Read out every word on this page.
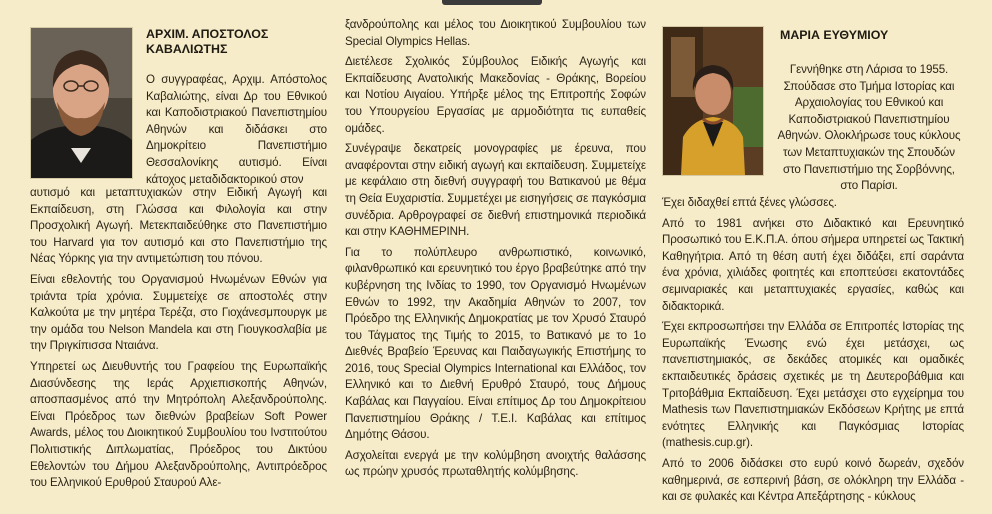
ΑΡΧΙΜ. ΑΠΟΣΤΟΛΟΣ ΚΑΒΑΛΙΩΤΗΣ

Ο συγγραφέας, Αρχιμ. Απόστολος Καβαλιώτης, είναι Δρ του Εθνικού και Καποδιστριακού Πανεπιστημίου Αθηνών και διδάσκει στο Δημοκρίτειο Πανεπιστήμιο Θεσσαλονίκης αυτισμό. Είναι κάτοχος μεταδιδακτορικού στον

αυτισμό και μεταπτυχιακών στην Ειδική Αγωγή και Εκπαίδευση, στη Γλώσσα και Φιλολογία και στην Προσχολική Αγωγή. Μετεκπαιδεύθηκε στο Πανεπιστήμιο του Harvard για τον αυτισμό και στο Πανεπιστήμιο της Νέας Υόρκης για την αντιμετώπιση του πόνου.

Είναι εθελοντής του Οργανισμού Ηνωμένων Εθνών για τριάντα τρία χρόνια. Συμμετείχε σε αποστολές στην Καλκούτα με την μητέρα Τερέζα, στο Γιοχάνεσμπουργκ με την ομάδα του Nelson Mandela και στη Γιουγκοσλαβία με την Πριγκίπισσα Νταιάνα.

Υπηρετεί ως Διευθυντής του Γραφείου της Ευρωπαϊκής Διασύνδεσης της Ιεράς Αρχιεπισκοπής Αθηνών, αποσπασμένος από την Μητρόπολη Αλεξανδρούπολης. Είναι Πρόεδρος των διεθνών βραβείων Soft Power Awards, μέλος του Διοικητικού Συμβουλίου του Ινστιτούτου Πολιτιστικής Διπλωματίας, Πρόεδρος του Δικτύου Εθελοντών του Δήμου Αλεξανδρούπολης, Αντιπρόεδρος του Ελληνικού Ερυθρού Σταυρού Αλε-

ξανδρούπολης και μέλος του Διοικητικού Συμβουλίου των Special Olympics Hellas.

Διετέλεσε Σχολικός Σύμβουλος Ειδικής Αγωγής και Εκπαίδευσης Ανατολικής Μακεδονίας - Θράκης, Βορείου και Νοτίου Αιγαίου. Υπήρξε μέλος της Επιτροπής Σοφών του Υπουργείου Εργασίας με αρμοδιότητα τις ευπαθείς ομάδες.

Συνέγραψε δεκατρείς μονογραφίες με έρευνα, που αναφέρονται στην ειδική αγωγή και εκπαίδευση. Συμμετείχε με κεφάλαιο στη διεθνή συγγραφή του Βατικανού με θέμα τη Θεία Ευχαριστία. Συμμετέχει με εισηγήσεις σε παγκόσμια συνέδρια. Αρθρογραφεί σε διεθνή επιστημονικά περιοδικά και στην ΚΑΘΗΜΕΡΙΝΗ.

Για το πολύπλευρο ανθρωπιστικό, κοινωνικό, φιλανθρωπικό και ερευνητικό του έργο βραβεύτηκε από την κυβέρνηση της Ινδίας το 1990, τον Οργανισμό Ηνωμένων Εθνών το 1992, την Ακαδημία Αθηνών το 2007, τον Πρόεδρο της Ελληνικής Δημοκρατίας με τον Χρυσό Σταυρό του Τάγματος της Τιμής το 2015, το Βατικανό με το 1ο Διεθνές Βραβείο Έρευνας και Παιδαγωγικής Επιστήμης το 2016, τους Special Olympics International και Ελλάδος, τον Ελληνικό και το Διεθνή Ερυθρό Σταυρό, τους Δήμους Καβάλας και Παγγαίου. Είναι επίτιμος Δρ του Δημοκρίτειου Πανεπιστημίου Θράκης / Τ.Ε.Ι. Καβάλας και επίτιμος Δημότης Θάσου.

Ασχολείται ενεργά με την κολύμβηση ανοιχτής θαλάσσης ως πρώην χρυσός πρωταθλητής κολύμβησης.

ΜΑΡΙΑ ΕΥΘΥΜΙΟΥ

Γεννήθηκε στη Λάρισα το 1955. Σπούδασε στο Τμήμα Ιστορίας και Αρχαιολογίας του Εθνικού και Καποδιστριακού Πανεπιστημίου Αθηνών. Ολοκλήρωσε τους κύκλους των Μεταπτυχιακών της Σπουδών στο Πανεπιστήμιο της Σορβόννης, στο Παρίσι.

Έχει διδαχθεί επτά ξένες γλώσσες.

Από το 1981 ανήκει στο Διδακτικό και Ερευνητικό Προσωπικό του Ε.Κ.Π.Α. όπου σήμερα υπηρετεί ως Τακτική Καθηγήτρια. Από τη θέση αυτή έχει διδάξει, επί σαράντα ένα χρόνια, χιλιάδες φοιτητές και εποπτεύσει εκατοντάδες σεμιναριακές και μεταπτυχιακές εργασίες, καθώς και διδακτορικά.

Έχει εκπροσωπήσει την Ελλάδα σε Επιτροπές Ιστορίας της Ευρωπαϊκής Ένωσης ενώ έχει μετάσχει, ως πανεπιστημιακός, σε δεκάδες ατομικές και ομαδικές εκπαιδευτικές δράσεις σχετικές με τη Δευτεροβάθμια και Τριτοβάθμια Εκπαίδευση. Έχει μετάσχει στο εγχείρημα του Mathesis των Πανεπιστημιακών Εκδόσεων Κρήτης με επτά ενότητες Ελληνικής και Παγκόσμιας Ιστορίας (mathesis.cup.gr).

Από το 2006 διδάσκει στο ευρύ κοινό δωρεάν, σχεδόν καθημερινά, σε εσπερινή βάση, σε ολόκληρη την Ελλάδα - και σε φυλακές και Κέντρα Απεξάρτησης - κύκλους
